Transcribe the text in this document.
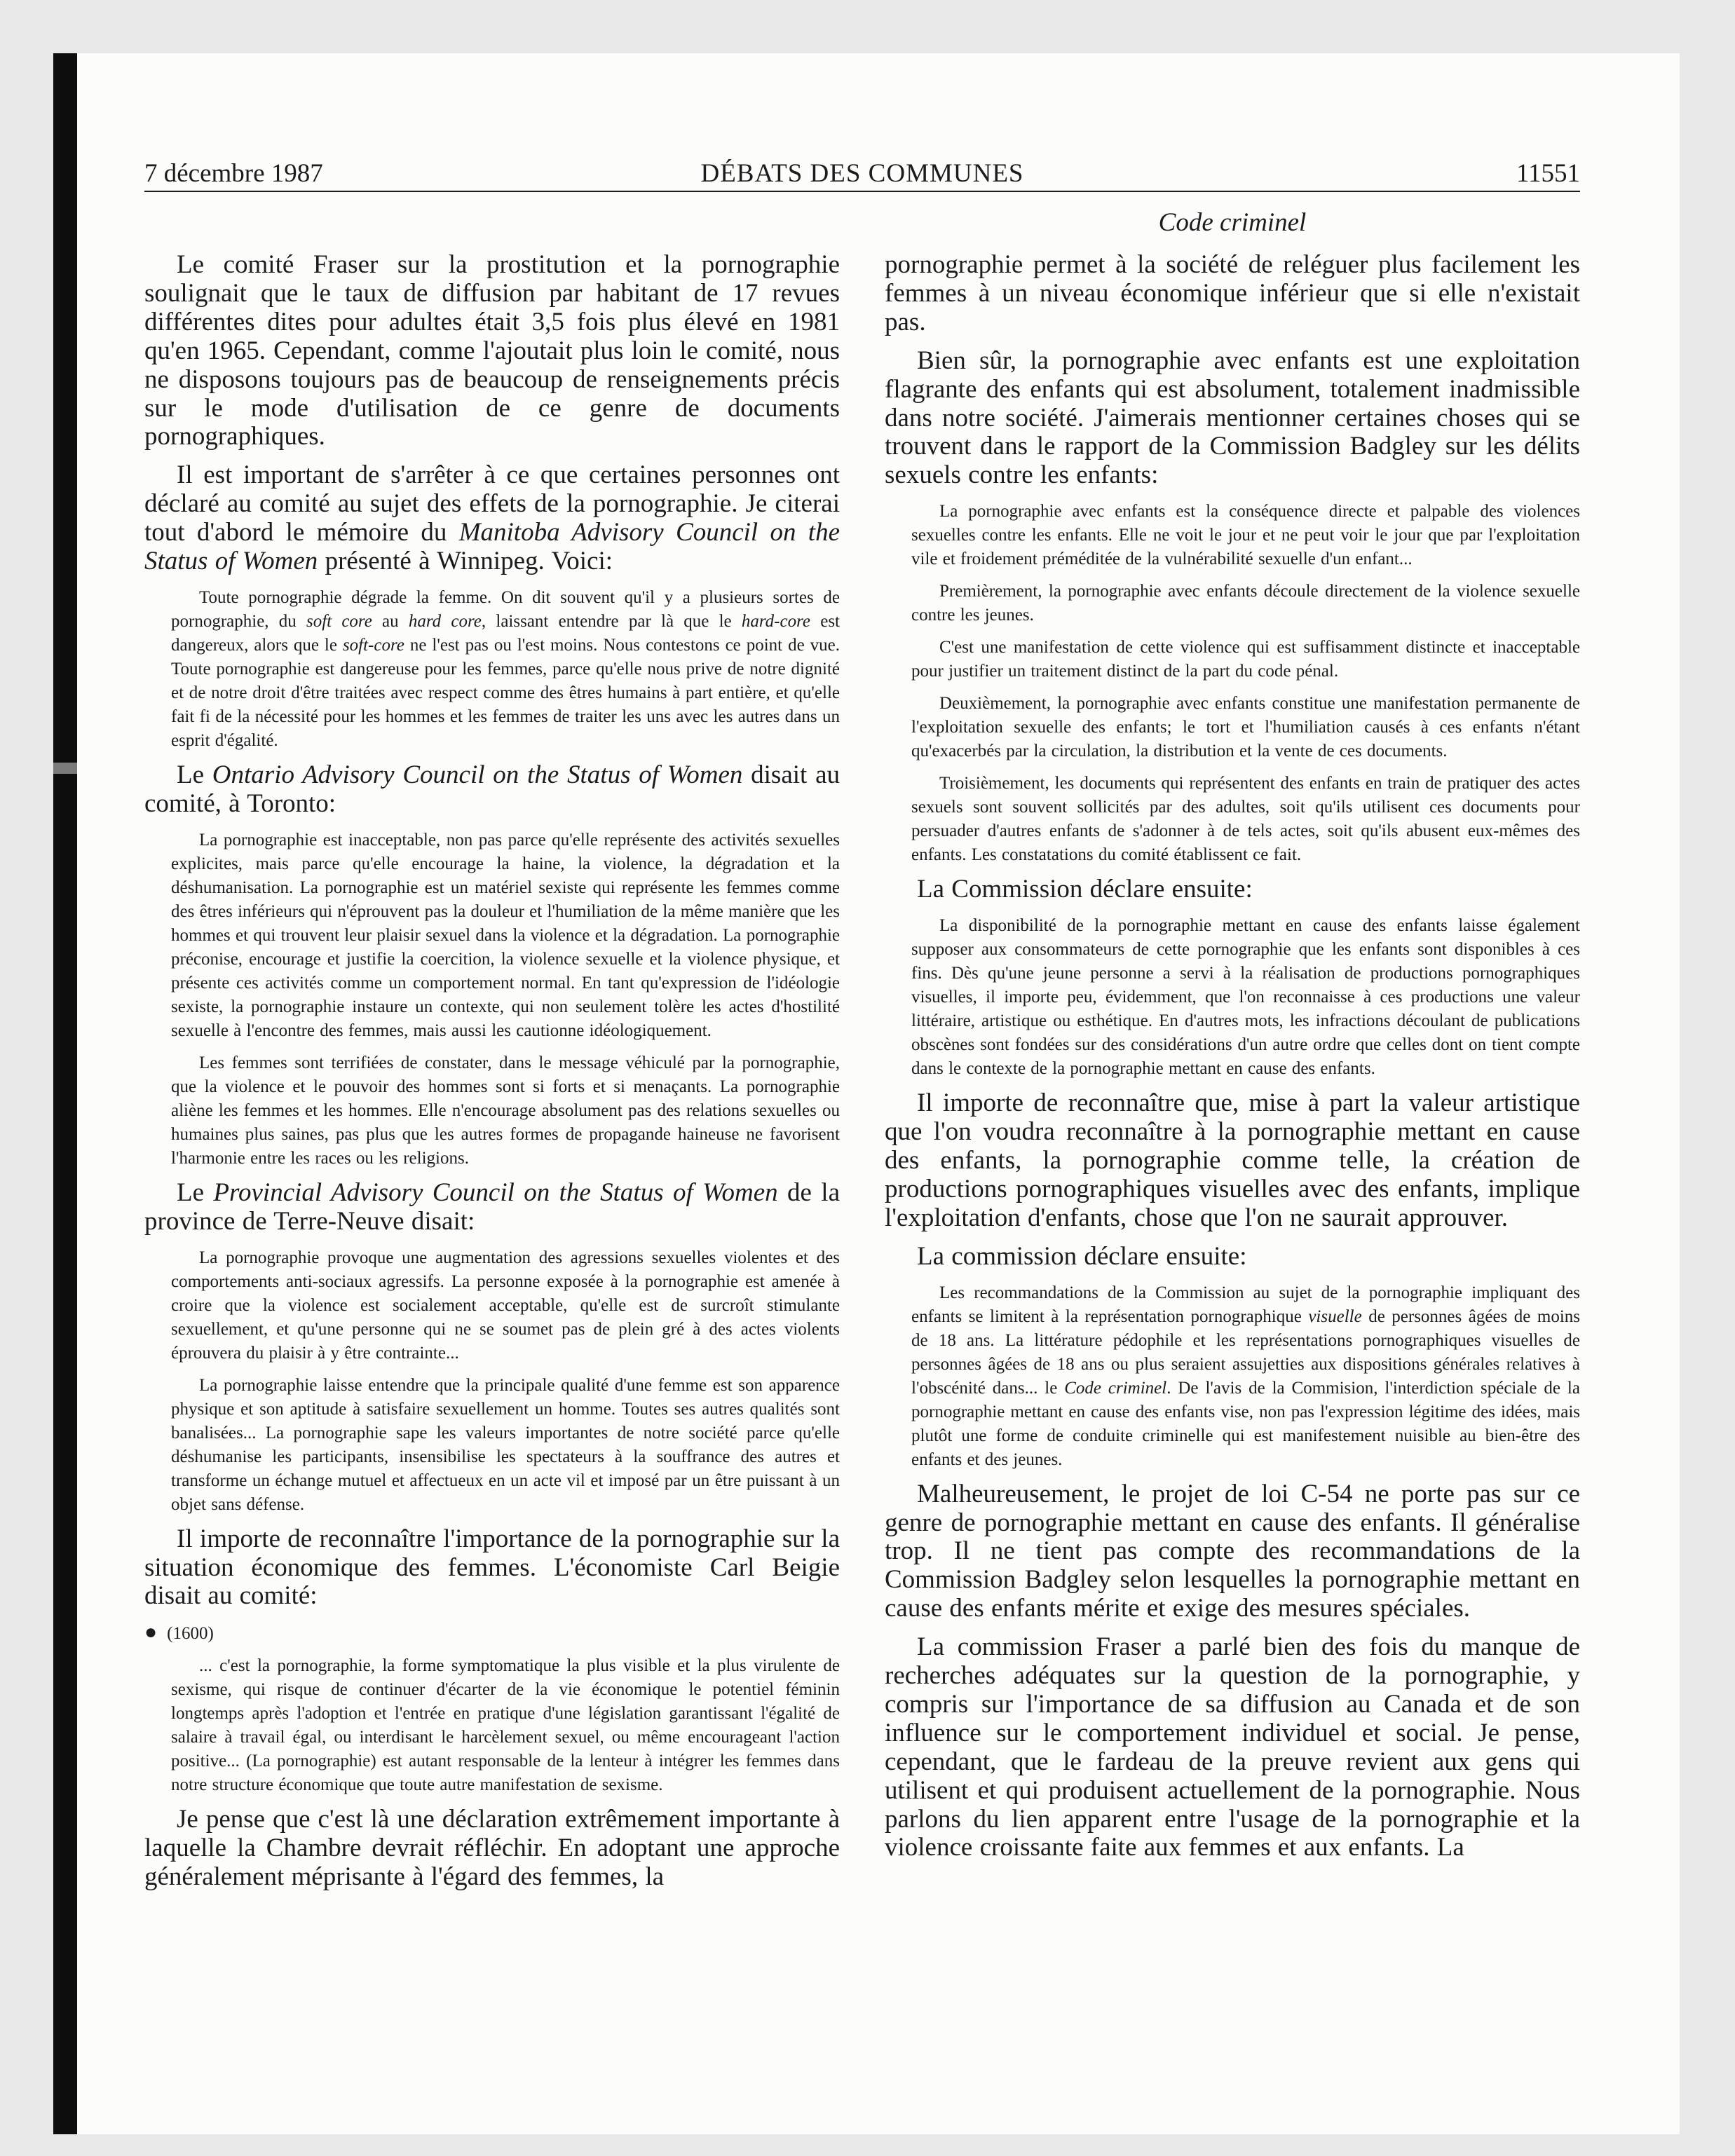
7 décembre 1987	DÉBATS DES COMMUNES	11551
Code criminel

Le comité Fraser sur la prostitution et la pornographie soulignait que le taux de diffusion par habitant de 17 revues différentes dites pour adultes était 3,5 fois plus élevé en 1981 qu'en 1965. Cependant, comme l'ajoutait plus loin le comité, nous ne disposons toujours pas de beaucoup de renseignements précis sur le mode d'utilisation de ce genre de documents pornographiques.

Il est important de s'arrêter à ce que certaines personnes ont déclaré au comité au sujet des effets de la pornographie. Je citerai tout d'abord le mémoire du Manitoba Advisory Council on the Status of Women présenté à Winnipeg. Voici:

Toute pornographie dégrade la femme. On dit souvent qu'il y a plusieurs sortes de pornographie, du soft core au hard core, laissant entendre par là que le hard-core est dangereux, alors que le soft-core ne l'est pas ou l'est moins. Nous contestons ce point de vue. Toute pornographie est dangereuse pour les femmes, parce qu'elle nous prive de notre dignité et de notre droit d'être traitées avec respect comme des êtres humains à part entière, et qu'elle fait fi de la nécessité pour les hommes et les femmes de traiter les uns avec les autres dans un esprit d'égalité.

Le Ontario Advisory Council on the Status of Women disait au comité, à Toronto:

La pornographie est inacceptable, non pas parce qu'elle représente des activités sexuelles explicites, mais parce qu'elle encourage la haine, la violence, la dégradation et la déshumanisation. La pornographie est un matériel sexiste qui représente les femmes comme des êtres inférieurs qui n'éprouvent pas la douleur et l'humiliation de la même manière que les hommes et qui trouvent leur plaisir sexuel dans la violence et la dégradation. La pornographie préconise, encourage et justifie la coercition, la violence sexuelle et la violence physique, et présente ces activités comme un comportement normal. En tant qu'expression de l'idéologie sexiste, la pornographie instaure un contexte, qui non seulement tolère les actes d'hostilité sexuelle à l'encontre des femmes, mais aussi les cautionne idéologiquement.

Les femmes sont terrifiées de constater, dans le message véhiculé par la pornographie, que la violence et le pouvoir des hommes sont si forts et si menaçants. La pornographie aliène les femmes et les hommes. Elle n'encourage absolument pas des relations sexuelles ou humaines plus saines, pas plus que les autres formes de propagande haineuse ne favorisent l'harmonie entre les races ou les religions.

Le Provincial Advisory Council on the Status of Women de la province de Terre-Neuve disait:

La pornographie provoque une augmentation des agressions sexuelles violentes et des comportements anti-sociaux agressifs. La personne exposée à la pornographie est amenée à croire que la violence est socialement acceptable, qu'elle est de surcroît stimulante sexuellement, et qu'une personne qui ne se soumet pas de plein gré à des actes violents éprouvera du plaisir à y être contrainte...

La pornographie laisse entendre que la principale qualité d'une femme est son apparence physique et son aptitude à satisfaire sexuellement un homme. Toutes ses autres qualités sont banalisées... La pornographie sape les valeurs importantes de notre société parce qu'elle déshumanise les participants, insensibilise les spectateurs à la souffrance des autres et transforme un échange mutuel et affectueux en un acte vil et imposé par un être puissant à un objet sans défense.

Il importe de reconnaître l'importance de la pornographie sur la situation économique des femmes. L'économiste Carl Beigie disait au comité:

● (1600)

... c'est la pornographie, la forme symptomatique la plus visible et la plus virulente de sexisme, qui risque de continuer d'écarter de la vie économique le potentiel féminin longtemps après l'adoption et l'entrée en pratique d'une législation garantissant l'égalité de salaire à travail égal, ou interdisant le harcèlement sexuel, ou même encourageant l'action positive... (La pornographie) est autant responsable de la lenteur à intégrer les femmes dans notre structure économique que toute autre manifestation de sexisme.

Je pense que c'est là une déclaration extrêmement importante à laquelle la Chambre devrait réfléchir. En adoptant une approche généralement méprisante à l'égard des femmes, la

pornographie permet à la société de reléguer plus facilement les femmes à un niveau économique inférieur que si elle n'existait pas.

Bien sûr, la pornographie avec enfants est une exploitation flagrante des enfants qui est absolument, totalement inadmissible dans notre société. J'aimerais mentionner certaines choses qui se trouvent dans le rapport de la Commission Badgley sur les délits sexuels contre les enfants:

La pornographie avec enfants est la conséquence directe et palpable des violences sexuelles contre les enfants. Elle ne voit le jour et ne peut voir le jour que par l'exploitation vile et froidement préméditée de la vulnérabilité sexuelle d'un enfant...

Premièrement, la pornographie avec enfants découle directement de la violence sexuelle contre les jeunes.

C'est une manifestation de cette violence qui est suffisamment distincte et inacceptable pour justifier un traitement distinct de la part du code pénal.

Deuxièmement, la pornographie avec enfants constitue une manifestation permanente de l'exploitation sexuelle des enfants; le tort et l'humiliation causés à ces enfants n'étant qu'exacerbés par la circulation, la distribution et la vente de ces documents.

Troisièmement, les documents qui représentent des enfants en train de pratiquer des actes sexuels sont souvent sollicités par des adultes, soit qu'ils utilisent ces documents pour persuader d'autres enfants de s'adonner à de tels actes, soit qu'ils abusent eux-mêmes des enfants. Les constatations du comité établissent ce fait.

La Commission déclare ensuite:

La disponibilité de la pornographie mettant en cause des enfants laisse également supposer aux consommateurs de cette pornographie que les enfants sont disponibles à ces fins. Dès qu'une jeune personne a servi à la réalisation de productions pornographiques visuelles, il importe peu, évidemment, que l'on reconnaisse à ces productions une valeur littéraire, artistique ou esthétique. En d'autres mots, les infractions découlant de publications obscènes sont fondées sur des considérations d'un autre ordre que celles dont on tient compte dans le contexte de la pornographie mettant en cause des enfants.

Il importe de reconnaître que, mise à part la valeur artistique que l'on voudra reconnaître à la pornographie mettant en cause des enfants, la pornographie comme telle, la création de productions pornographiques visuelles avec des enfants, implique l'exploitation d'enfants, chose que l'on ne saurait approuver.

La commission déclare ensuite:

Les recommandations de la Commission au sujet de la pornographie impliquant des enfants se limitent à la représentation pornographique visuelle de personnes âgées de moins de 18 ans. La littérature pédophile et les représentations pornographiques visuelles de personnes âgées de 18 ans ou plus seraient assujetties aux dispositions générales relatives à l'obscénité dans... le Code criminel. De l'avis de la Commision, l'interdiction spéciale de la pornographie mettant en cause des enfants vise, non pas l'expression légitime des idées, mais plutôt une forme de conduite criminelle qui est manifestement nuisible au bien-être des enfants et des jeunes.

Malheureusement, le projet de loi C-54 ne porte pas sur ce genre de pornographie mettant en cause des enfants. Il généralise trop. Il ne tient pas compte des recommandations de la Commission Badgley selon lesquelles la pornographie mettant en cause des enfants mérite et exige des mesures spéciales.

La commission Fraser a parlé bien des fois du manque de recherches adéquates sur la question de la pornographie, y compris sur l'importance de sa diffusion au Canada et de son influence sur le comportement individuel et social. Je pense, cependant, que le fardeau de la preuve revient aux gens qui utilisent et qui produisent actuellement de la pornographie. Nous parlons du lien apparent entre l'usage de la pornographie et la violence croissante faite aux femmes et aux enfants. La
